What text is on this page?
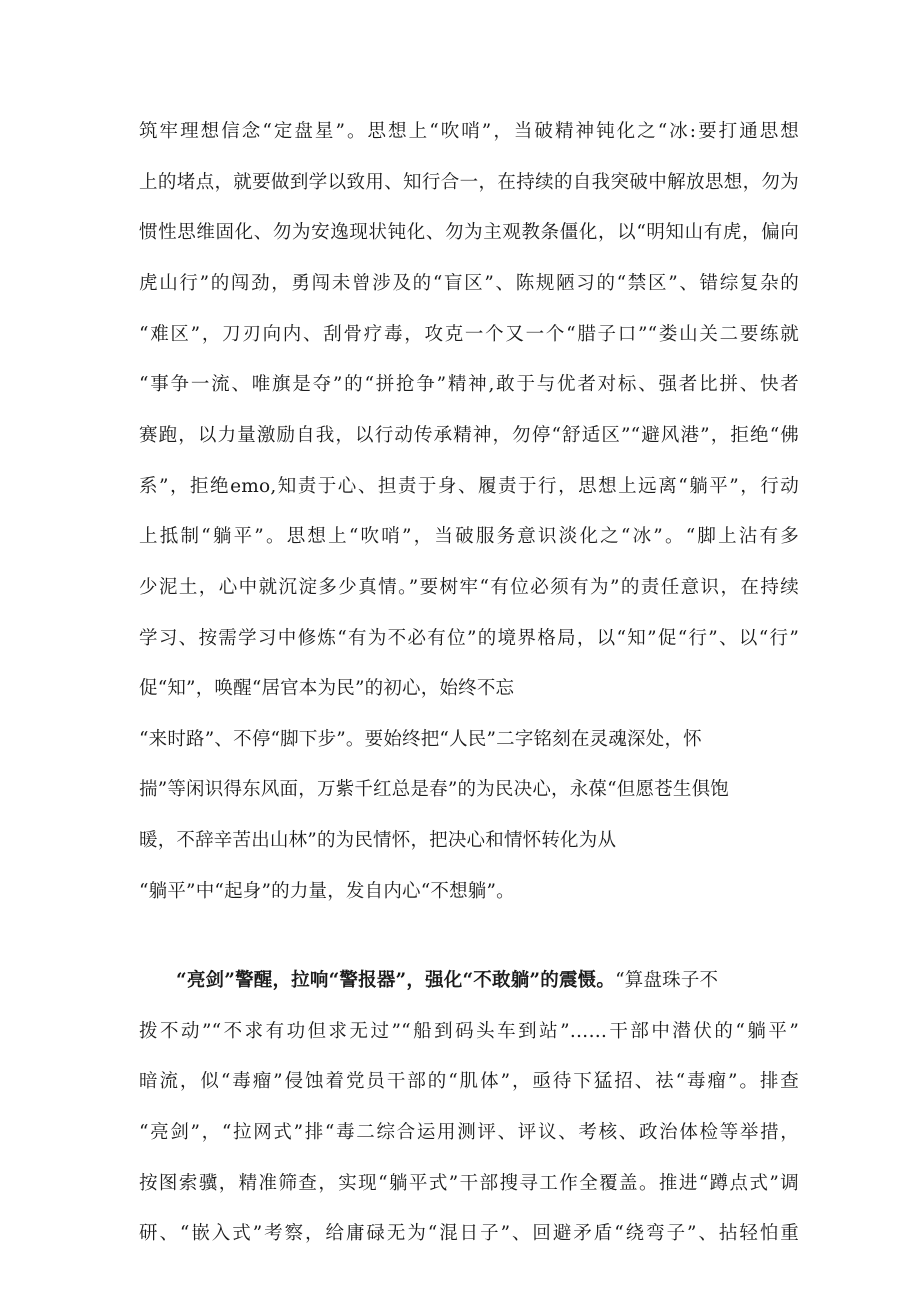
筑牢理想信念“定盘星”。思想上“吹哨”，当破精神钝化之“冰:要打通思想
上的堵点，就要做到学以致用、知行合一，在持续的自我突破中解放思想，勿为
惯性思维固化、勿为安逸现状钝化、勿为主观教条僵化，以“明知山有虎，偏向
虎山行”的闯劲，勇闯未曾涉及的“盲区”、陈规陋习的“禁区”、错综复杂的
“难区”，刀刃向内、刮骨疗毒，攻克一个又一个“腊子口”“娄山关二要练就
“事争一流、唯旗是夺”的“拼抢争”精神,敢于与优者对标、强者比拼、快者
赛跑，以力量激励自我，以行动传承精神，勿停“舒适区”“避风港”，拒绝“佛
系”，拒绝emo,知责于心、担责于身、履责于行，思想上远离“躺平”，行动
上抵制“躺平”。思想上“吹哨”，当破服务意识淡化之“冰”。“脚上沾有多
少泥土，心中就沉淀多少真情。”要树牢“有位必须有为”的责任意识，在持续
学习、按需学习中修炼“有为不必有位”的境界格局，以“知”促“行”、以“行”
促“知”，唤醒“居官本为民”的初心，始终不忘
“来时路”、不停“脚下步”。要始终把“人民”二字铭刻在灵魂深处，怀
揣”等闲识得东风面，万紫千红总是春”的为民决心，永葆“但愿苍生俱饱
暖，不辞辛苦出山林”的为民情怀，把决心和情怀转化为从
“躺平”中“起身”的力量，发自内心“不想躺”。
“亮剑”警醒，拉响“警报器”，强化“不敢躺”的震慑。“算盘珠子不
拨不动”“不求有功但求无过”“船到码头车到站”……干部中潜伏的“躺平”
暗流，似“毒瘤”侵蚀着党员干部的“肌体”，亟待下猛招、祛“毒瘤”。排查
“亮剑”，“拉网式”排“毒二综合运用测评、评议、考核、政治体检等举措，
按图索骥，精准筛查，实现“躺平式”干部搜寻工作全覆盖。推进“蹲点式”调
研、“嵌入式”考察，给庸碌无为“混日子”、回避矛盾“绕弯子”、拈轻怕重
